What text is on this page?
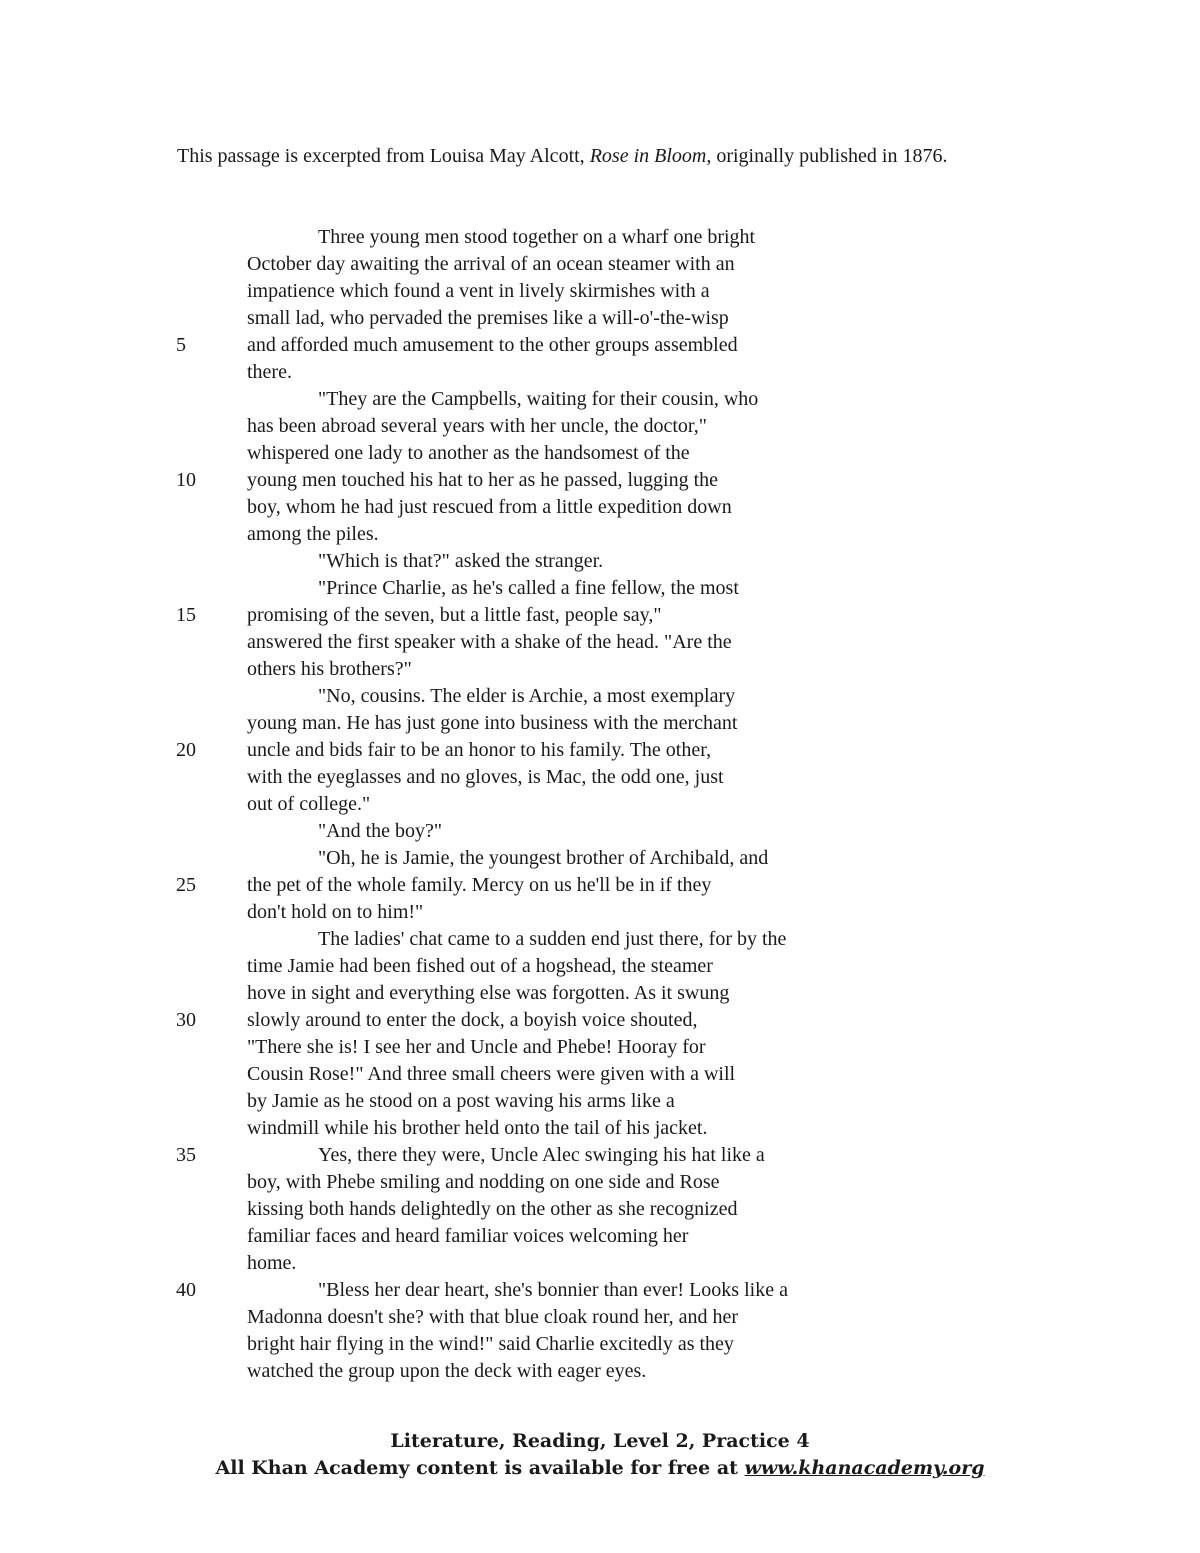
This passage is excerpted from Louisa May Alcott, Rose in Bloom, originally published in 1876.
Three young men stood together on a wharf one bright
October day awaiting the arrival of an ocean steamer with an
impatience which found a vent in lively skirmishes with a
small lad, who pervaded the premises like a will-o'-the-wisp
5	and afforded much amusement to the other groups assembled
there.
"They are the Campbells, waiting for their cousin, who
has been abroad several years with her uncle, the doctor,"
whispered one lady to another as the handsomest of the
10	young men touched his hat to her as he passed, lugging the
boy, whom he had just rescued from a little expedition down
among the piles.
"Which is that?" asked the stranger.
"Prince Charlie, as he's called a fine fellow, the most
15	promising of the seven, but a little fast, people say,"
answered the first speaker with a shake of the head. "Are the
others his brothers?"
"No, cousins. The elder is Archie, a most exemplary
young man. He has just gone into business with the merchant
20	uncle and bids fair to be an honor to his family. The other,
with the eyeglasses and no gloves, is Mac, the odd one, just
out of college."
"And the boy?"
"Oh, he is Jamie, the youngest brother of Archibald, and
25	the pet of the whole family. Mercy on us he'll be in if they
don't hold on to him!"
The ladies' chat came to a sudden end just there, for by the
time Jamie had been fished out of a hogshead, the steamer
hove in sight and everything else was forgotten. As it swung
30	slowly around to enter the dock, a boyish voice shouted,
"There she is! I see her and Uncle and Phebe! Hooray for
Cousin Rose!" And three small cheers were given with a will
by Jamie as he stood on a post waving his arms like a
windmill while his brother held onto the tail of his jacket.
35	Yes, there they were, Uncle Alec swinging his hat like a
boy, with Phebe smiling and nodding on one side and Rose
kissing both hands delightedly on the other as she recognized
familiar faces and heard familiar voices welcoming her
home.
40	"Bless her dear heart, she's bonnier than ever! Looks like a
Madonna doesn't she? with that blue cloak round her, and her
bright hair flying in the wind!" said Charlie excitedly as they
watched the group upon the deck with eager eyes.
Literature, Reading, Level 2, Practice 4
All Khan Academy content is available for free at www.khanacademy.org
